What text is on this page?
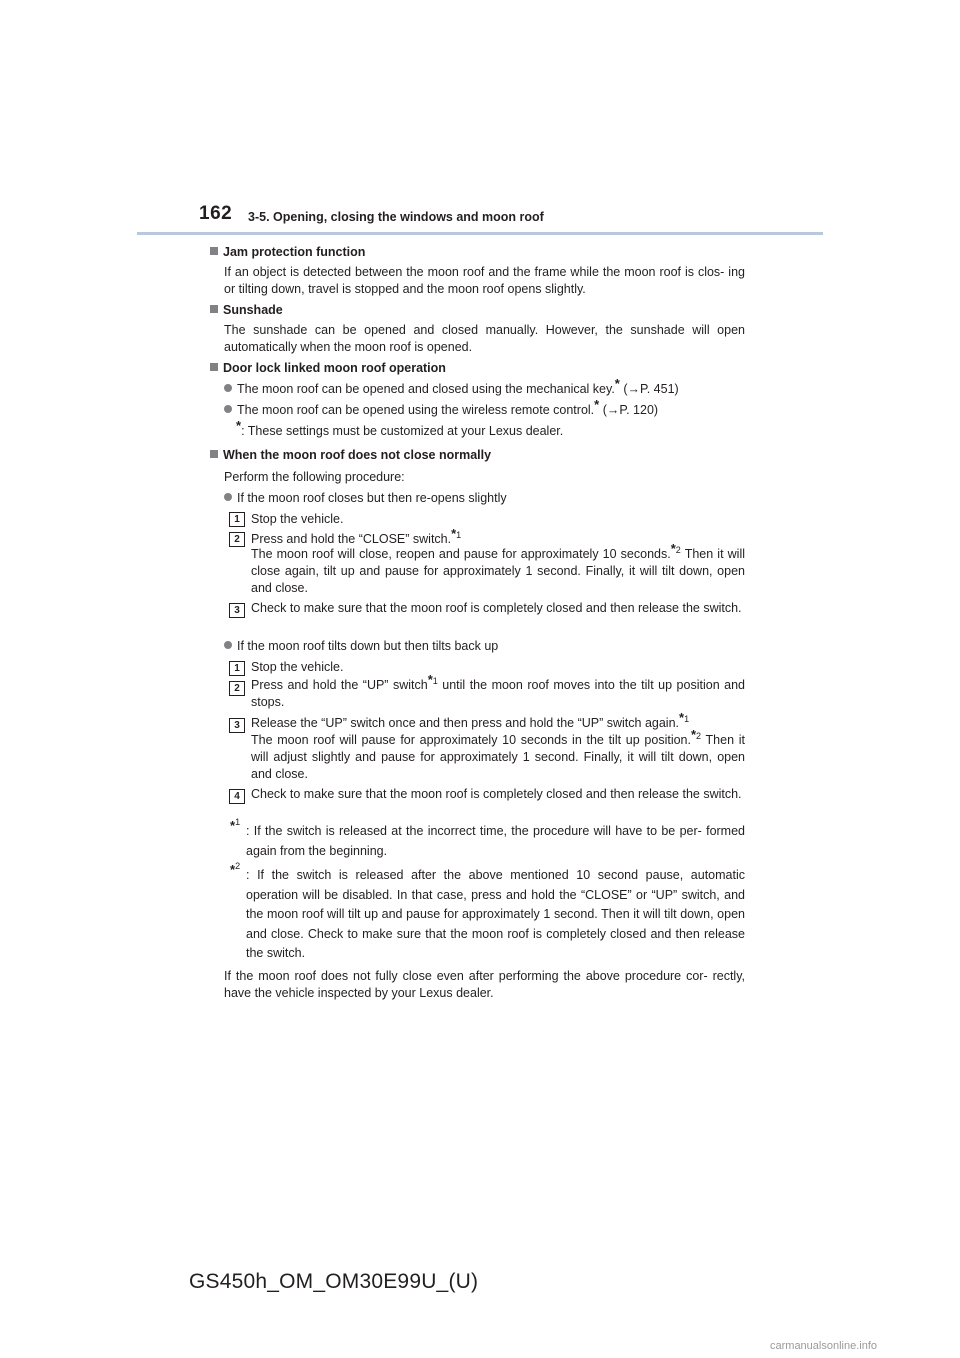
162 3-5. Opening, closing the windows and moon roof
Jam protection function
If an object is detected between the moon roof and the frame while the moon roof is clos- ing or tilting down, travel is stopped and the moon roof opens slightly.
Sunshade
The sunshade can be opened and closed manually. However, the sunshade will open automatically when the moon roof is opened.
Door lock linked moon roof operation
The moon roof can be opened and closed using the mechanical key.* (→P. 451)
The moon roof can be opened using the wireless remote control.* (→P. 120)
*: These settings must be customized at your Lexus dealer.
When the moon roof does not close normally
Perform the following procedure:
If the moon roof closes but then re-opens slightly
1 Stop the vehicle.
2 Press and hold the “CLOSE” switch.$^{*1}$
The moon roof will close, reopen and pause for approximately 10 seconds.$^{*2}$ Then it will close again, tilt up and pause for approximately 1 second. Finally, it will tilt down, open and close.
3 Check to make sure that the moon roof is completely closed and then release the switch.
If the moon roof tilts down but then tilts back up
1 Stop the vehicle.
2 Press and hold the “UP” switch$^{*1}$ until the moon roof moves into the tilt up position and stops.
3 Release the “UP” switch once and then press and hold the “UP” switch again.$^{*1}$
The moon roof will pause for approximately 10 seconds in the tilt up position.$^{*2}$ Then it will adjust slightly and pause for approximately 1 second. Finally, it will tilt down, open and close.
4 Check to make sure that the moon roof is completely closed and then release the switch.
*$^1$
: If the switch is released at the incorrect time, the procedure will have to be per- formed again from the beginning.
*$^2$
: If the switch is released after the above mentioned 10 second pause, automatic operation will be disabled. In that case, press and hold the “CLOSE” or “UP” switch, and the moon roof will tilt up and pause for approximately 1 second. Then it will tilt down, open and close. Check to make sure that the moon roof is completely closed and then release the switch.
If the moon roof does not fully close even after performing the above procedure cor- rectly, have the vehicle inspected by your Lexus dealer.
GS450h_OM_OM30E99U_(U)
carmanualsonline.info
